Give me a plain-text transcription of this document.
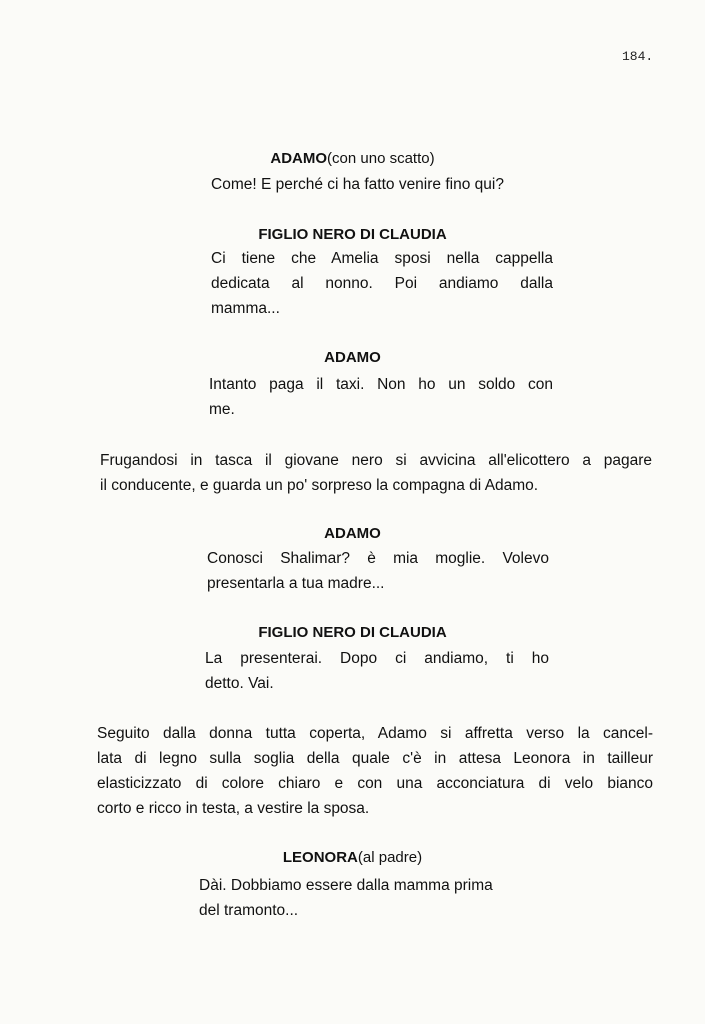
184.
ADAMO(con uno scatto)
Come! E perché ci ha fatto venire fino qui?
FIGLIO NERO DI CLAUDIA
Ci tiene che Amelia sposi nella cappella
dedicata al nonno. Poi andiamo dalla
mamma...
ADAMO
Intanto paga il taxi. Non ho un soldo con
me.
Frugandosi in tasca il giovane nero si avvicina all'elicottero a pagare
il conducente, e guarda un po' sorpreso la compagna di Adamo.
ADAMO
Conosci Shalimar? è mia moglie. Volevo
presentarla a tua madre...
FIGLIO NERO DI CLAUDIA
La presenterai. Dopo ci andiamo, ti ho
detto. Vai.
Seguito dalla donna tutta coperta, Adamo si affretta verso la cancel-
lata di legno sulla soglia della quale c'è in attesa Leonora in tailleur
elasticizzato di colore chiaro e con una acconciatura di velo bianco
corto e ricco in testa, a vestire la sposa.
LEONORA(al padre)
Dài. Dobbiamo essere dalla mamma prima
del tramonto...
